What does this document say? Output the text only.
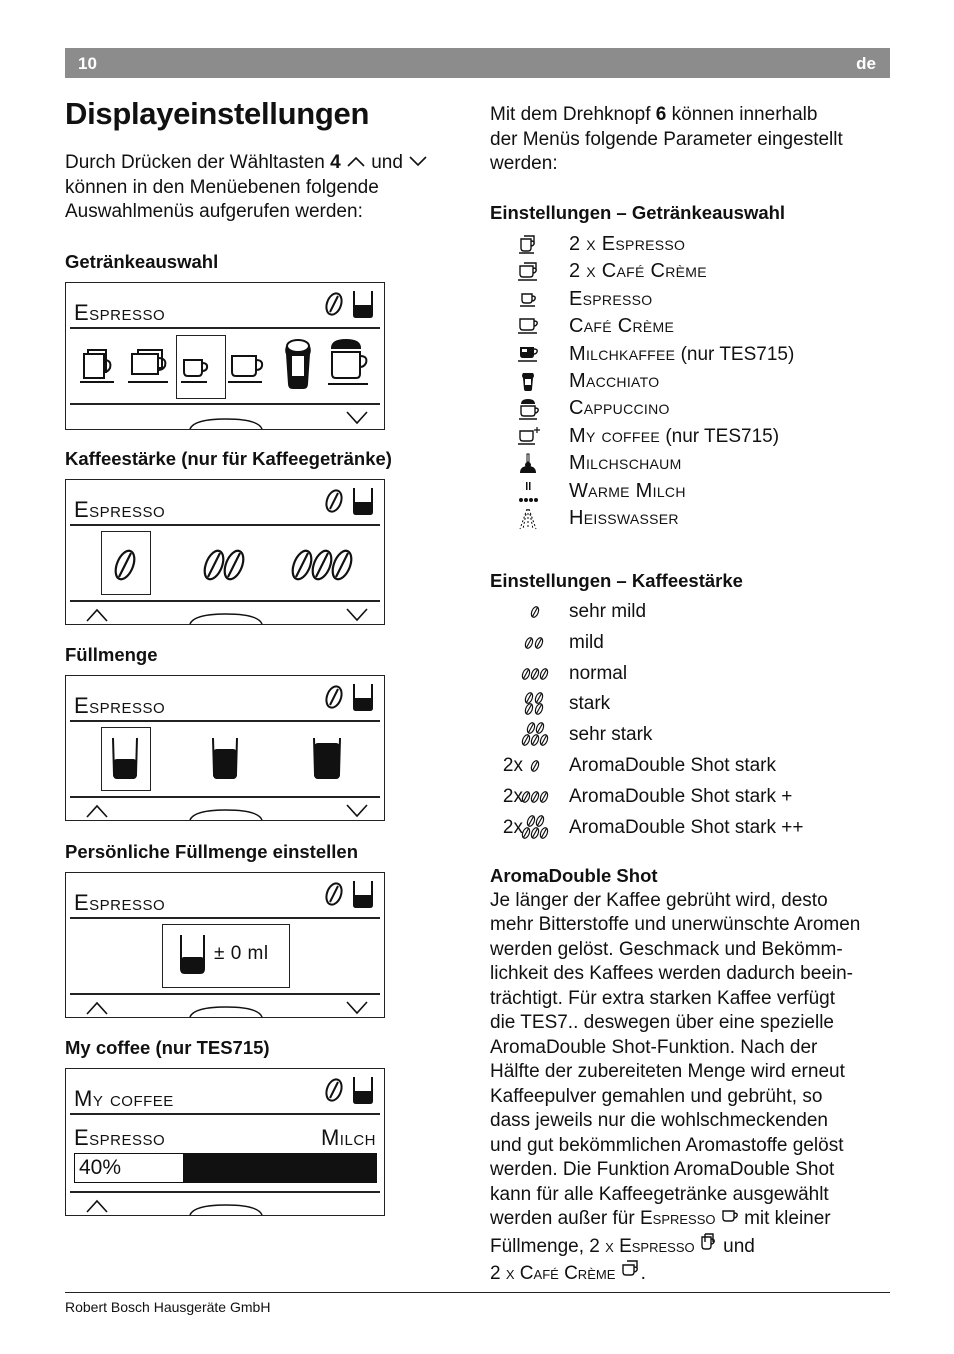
10	de
Displayeinstellungen
Durch Drücken der Wähltasten 4 und
können in den Menüebenen folgende
Auswahlmenüs aufgerufen werden:
Getränkeauswahl
Espresso

Kaffeestärke (nur für Kaffeegetränke)
Espresso

Füllmenge
Espresso

Persönliche Füllmenge einstellen
Espresso

± 0 ml
My coffee (nur TES715)
My coffee

Espresso	Milch
40%
Mit dem Drehknopf 6 können innerhalb
der Menüs folgende Parameter eingestellt
werden:
Einstellungen – Getränkeauswahl
2 x Espresso
2 x Café Crème
Espresso
Café Crème
Milchkaffee (nur TES715)
Macchiato
Cappuccino
My coffee (nur TES715)
Milchschaum
Warme Milch
Heisswasser
Einstellungen – Kaffeestärke
sehr mild
mild
normal
stark
sehr stark
2x	AromaDouble Shot stark
2x	AromaDouble Shot stark +
2x	AromaDouble Shot stark ++
AromaDouble Shot
Je länger der Kaffee gebrüht wird, desto
mehr Bitterstoffe und unerwünschte Aromen
werden gelöst. Geschmack und Bekömm-
lichkeit des Kaffees werden dadurch beein-
trächtigt. Für extra starken Kaffee verfügt
die TES7.. deswegen über eine spezielle
AromaDouble Shot-Funktion. Nach der
Hälfte der zubereiteten Menge wird erneut
Kaffeepulver gemahlen und gebrüht, so
dass jeweils nur die wohlschmeckenden
und gut bekömmlichen Aromastoffe gelöst
werden. Die Funktion AromaDouble Shot
kann für alle Kaffeegetränke ausgewählt
werden außer für Espresso mit kleiner
Füllmenge, 2 x Espresso und
2 x Café Crème .
Robert Bosch Hausgeräte GmbH
